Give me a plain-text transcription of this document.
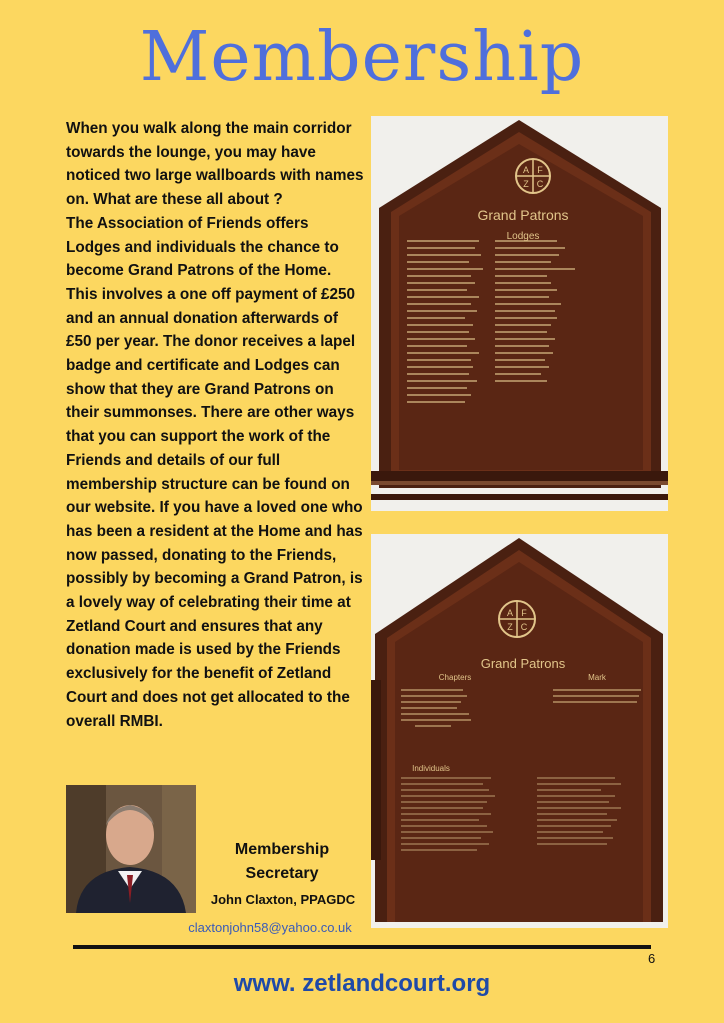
Membership

When you walk along the main corridor towards the lounge, you may have noticed two large wallboards with names on. What are these all about ?

The Association of Friends offers Lodges and individuals the chance to become Grand Patrons of the Home. This involves a one off payment of £250 and an annual donation afterwards of £50 per year. The donor receives a lapel badge and certificate and Lodges can show that they are Grand Patrons on their summonses. There are other ways that you can support the work of the Friends and details of our full membership structure can be found on our website. If you have a loved one who has been a resident at the Home and has now passed, donating to the Friends, possibly by becoming a Grand Patron, is a lovely way of celebrating their time at Zetland Court and ensures that any donation made is used by the Friends exclusively for the benefit of Zetland Court and does not get allocated to the overall RMBI.

A F
Z C
Grand Patrons
Lodges
A F
Z C
Grand Patrons
Chapters	Mark
Individuals
Membership
Secretary
John Claxton, PPAGDC
claxtonjohn58@yahoo.co.uk
6
www. zetlandcourt.org
